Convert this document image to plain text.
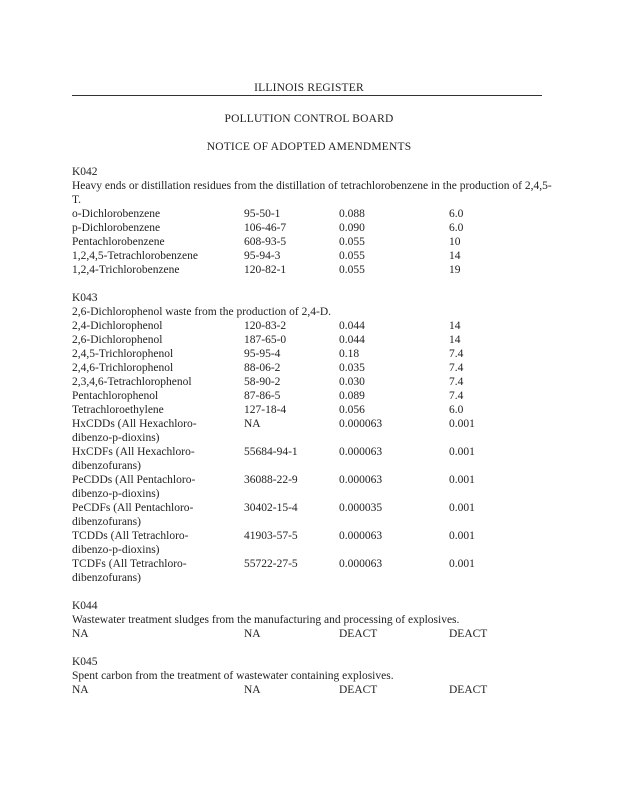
ILLINOIS REGISTER
POLLUTION CONTROL BOARD
NOTICE OF ADOPTED AMENDMENTS
K042
Heavy ends or distillation residues from the distillation of tetrachlorobenzene in the production of 2,4,5-T.
o-Dichlorobenzene	95-50-1	0.088	6.0
p-Dichlorobenzene	106-46-7	0.090	6.0
Pentachlorobenzene	608-93-5	0.055	10
1,2,4,5-Tetrachlorobenzene	95-94-3	0.055	14
1,2,4-Trichlorobenzene	120-82-1	0.055	19
K043
2,6-Dichlorophenol waste from the production of 2,4-D.
2,4-Dichlorophenol	120-83-2	0.044	14
2,6-Dichlorophenol	187-65-0	0.044	14
2,4,5-Trichlorophenol	95-95-4	0.18	7.4
2,4,6-Trichlorophenol	88-06-2	0.035	7.4
2,3,4,6-Tetrachlorophenol	58-90-2	0.030	7.4
Pentachlorophenol	87-86-5	0.089	7.4
Tetrachloroethylene	127-18-4	0.056	6.0
HxCDDs (All Hexachloro-
dibenzo-p-dioxins)
NA	0.000063	0.001
HxCDFs (All Hexachloro-
dibenzofurans)
55684-94-1	0.000063	0.001
PeCDDs (All Pentachloro-
dibenzo-p-dioxins)
36088-22-9	0.000063	0.001
PeCDFs (All Pentachloro-
dibenzofurans)
30402-15-4	0.000035	0.001
TCDDs (All Tetrachloro-
dibenzo-p-dioxins)
41903-57-5	0.000063	0.001
TCDFs (All Tetrachloro-
dibenzofurans)
55722-27-5	0.000063	0.001
K044
Wastewater treatment sludges from the manufacturing and processing of explosives.
NA	NA	DEACT	DEACT
K045
Spent carbon from the treatment of wastewater containing explosives.
NA	NA	DEACT	DEACT
